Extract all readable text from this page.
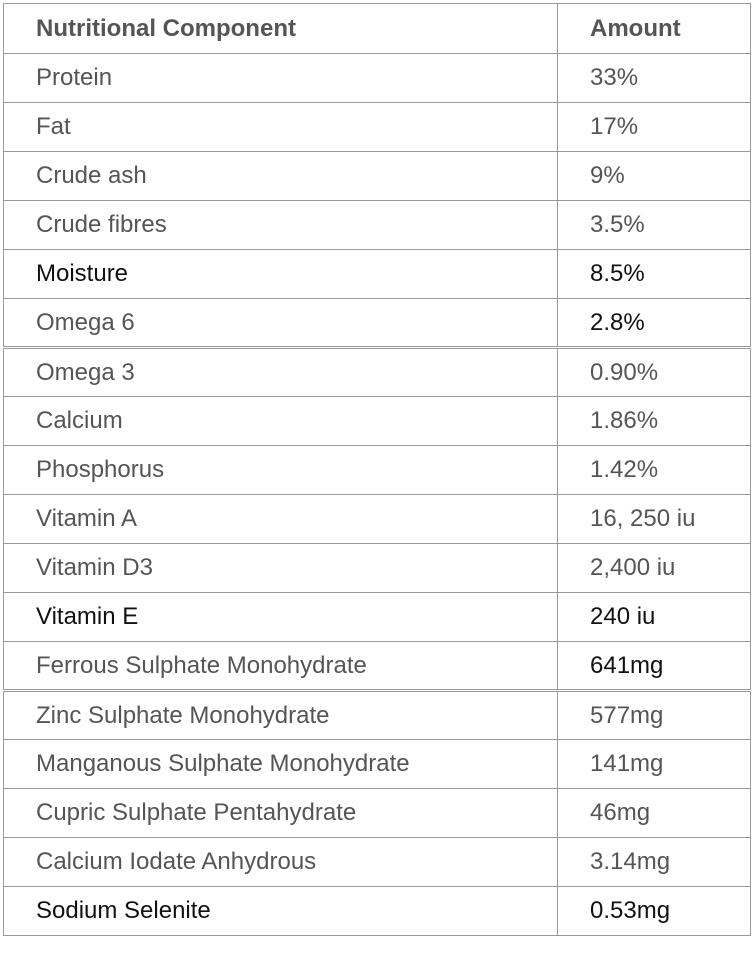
Nutritional Component	Amount
Protein	33%
Fat	17%
Crude ash	9%
Crude fibres	3.5%
Moisture	8.5%
Omega 6	2.8%
Omega 3	0.90%
Calcium	1.86%
Phosphorus	1.42%
Vitamin A	16, 250 iu
Vitamin D3	2,400 iu
Vitamin E	240 iu
Ferrous Sulphate Monohydrate	641mg
Zinc Sulphate Monohydrate	577mg
Manganous Sulphate Monohydrate	141mg
Cupric Sulphate Pentahydrate	46mg
Calcium Iodate Anhydrous	3.14mg
Sodium Selenite	0.53mg
